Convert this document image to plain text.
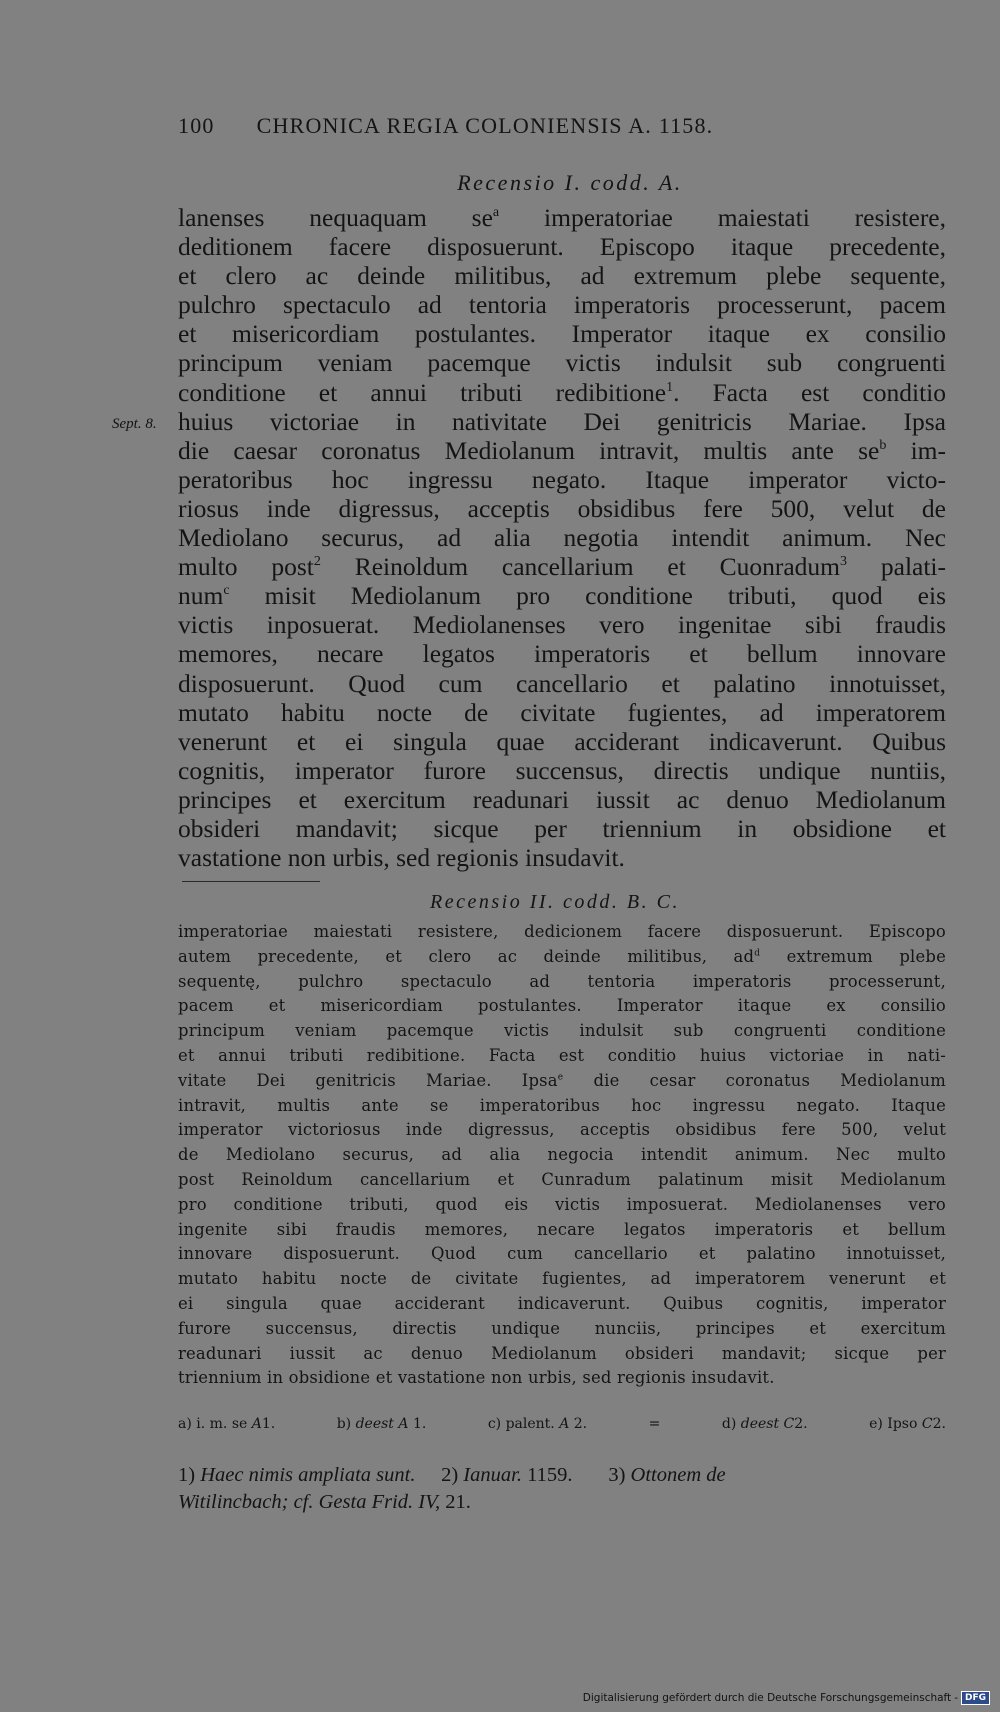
100 CHRONICA REGIA COLONIENSIS A. 1158.
Recensio I. codd. A.
Sept. 8.
lanenses nequaquam $se^a$ imperatoriae maiestati resistere,
deditionem facere disposuerunt. Episcopo itaque precedente,
et clero ac deinde militibus, ad extremum plebe sequente,
pulchro spectaculo ad tentoria imperatoris processerunt, pacem
et misericordiam postulantes. Imperator itaque ex consilio
principum veniam pacemque victis indulsit sub congruenti
conditione et annui tributi redibitione$^1$. Facta est conditio
huius victoriae in nativitate Dei genitricis Mariae. Ipsa
die caesar coronatus Mediolanum intravit, multis ante $se^b$ im-
peratoribus hoc ingressu negato. Itaque imperator victo-
riosus inde digressus, acceptis obsidibus fere 500, velut de
Mediolano securus, ad alia negotia intendit animum. Nec
multo post$^2$ Reinoldum cancellarium et Cuonradum$^3$ palati-
num$^c$ misit Mediolanum pro conditione tributi, quod eis
victis inposuerat. Mediolanenses vero ingenitae sibi fraudis
memores, necare legatos imperatoris et bellum innovare
disposuerunt. Quod cum cancellario et palatino innotuisset,
mutato habitu nocte de civitate fugientes, ad imperatorem
venerunt et ei singula quae acciderant indicaverunt. Quibus
cognitis, imperator furore succensus, directis undique nuntiis,
principes et exercitum readunari iussit ac denuo Mediolanum
obsideri mandavit; sicque per triennium in obsidione et
vastatione non urbis, sed regionis insudavit.
Recensio II. codd. B. C.
imperatoriae maiestati resistere, dedicionem facere disposuerunt. Episcopo
autem precedente, et clero ac deinde militibus, $ad^d$ extremum plebe
sequentę, pulchro spectaculo ad tentoria imperatoris processerunt,
pacem et misericordiam postulantes. Imperator itaque ex consilio
principum veniam pacemque victis indulsit sub congruenti conditione
et annui tributi redibitione. Facta est conditio huius victoriae in nati-
vitate Dei genitricis Mariae. Ipsa$^e$ die cesar coronatus Mediolanum
intravit, multis ante se imperatoribus hoc ingressu negato. Itaque
imperator victoriosus inde digressus, acceptis obsidibus fere 500, velut
de Mediolano securus, ad alia negocia intendit animum. Nec multo
post Reinoldum cancellarium et Cunradum palatinum misit Mediolanum
pro conditione tributi, quod eis victis imposuerat. Mediolanenses vero
ingenite sibi fraudis memores, necare legatos imperatoris et bellum
innovare disposuerunt. Quod cum cancellario et palatino innotuisset,
mutato habitu nocte de civitate fugientes, ad imperatorem venerunt et
ei singula quae acciderant indicaverunt. Quibus cognitis, imperator
furore succensus, directis undique nunciis, principes et exercitum
readunari iussit ac denuo Mediolanum obsideri mandavit; sicque per
triennium in obsidione et vastatione non urbis, sed regionis insudavit.
a) i. m. se A1.	b) deest A 1.	c) palent. A 2.	=	d) deest C2.	e) Ipso C2.
1) Haec nimis ampliata sunt.     2) Ianuar. 1159.       3) Ottonem de
Witilincbach; cf. Gesta Frid. IV, 21.
Digitalisierung gefördert durch die Deutsche Forschungsgemeinschaft - DFG
